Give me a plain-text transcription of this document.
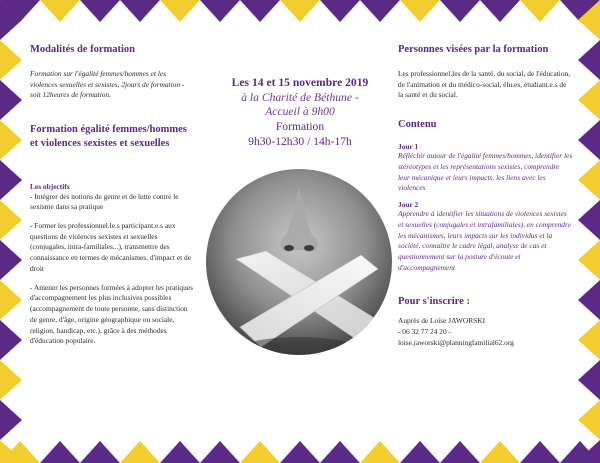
Modalités de formation

Formation sur l'égalité femmes/hommes et les violences sexuelles et sexistes, 2jours de formation - soit 12heures de formation.

Formation égalité femmes/hommes et violences sexistes et sexuelles
Les objectifs

- Intégrer des notions de genre et de lutte contre le sexisme dans sa pratique

- Former les professionnel.le.s participant.e.s aux questions de violences sexistes et sexuelles (conjugales, intra-familiales...), transmettre des connaissance en termes de mécanismes, d'impact et de droit

- Amener les personnes formées à adopter les pratiques d'accompagnement les plus inclusives possibles (accompagnement de toute personne, sans distinction de genre, d'âge, origine géographique ou sociale, religion, handicap, etc.), grâce à des méthodes d'éducation populaire.

Les 14 et 15 novembre 2019
à la Charité de Béthune -
Accueil à 9h00
Formation
9h30-12h30 / 14h-17h
Personnes visées par la formation

Les professionnel.les de la santé, du social, de l'éducation, de l'animation et du médico-social, élu.es, étudiant.e.s de la santé et du social.

Contenu
Jour 1

Réfléchir autour de l'égalité femmes/hommes, identifier les stéréotypes et les représentations sexistes, comprendre leur mécanique et leurs impacts, les liens avec les violences

Jour 2

Apprendre à identifier les situations de violences sexistes et sexuelles (conjugales et intrafamiliales), en comprendre les mécanismes, leurs impacts sur les individus et la société, connaître le cadre légal, analyse de cas et questionnement sur la posture d'écoute et d'accompagnement

Pour s'inscrire :

Auprès de Loïse JAWORSKI

- 06 32 77 24 20 -

loise.jaworski@planningfamilial62.org
